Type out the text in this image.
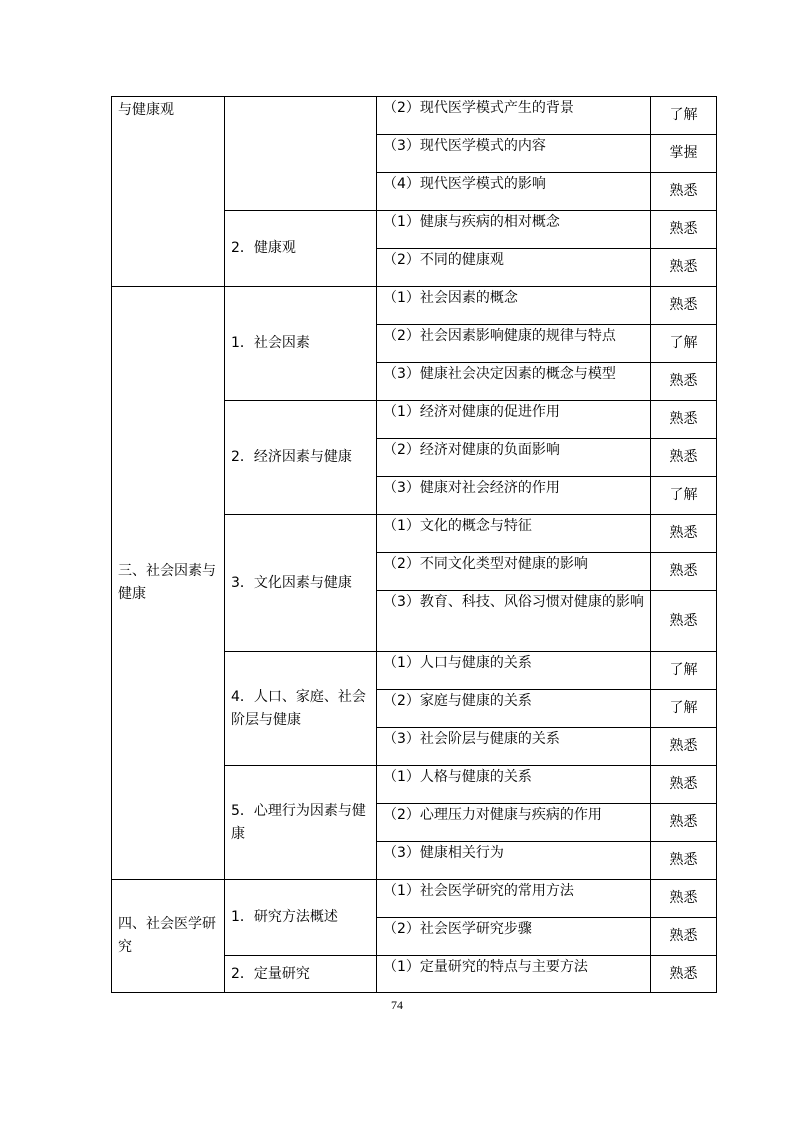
与健康观		（2）现代医学模式产生的背景	了解
		（3）现代医学模式的内容	掌握
		（4）现代医学模式的影响	熟悉
	2．健康观	（1）健康与疾病的相对概念	熟悉
		（2）不同的健康观	熟悉
三、社会因素与健康	1．社会因素	（1）社会因素的概念	熟悉
		（2）社会因素影响健康的规律与特点	了解
		（3）健康社会决定因素的概念与模型	熟悉
	2．经济因素与健康	（1）经济对健康的促进作用	熟悉
		（2）经济对健康的负面影响	熟悉
		（3）健康对社会经济的作用	了解
	3．文化因素与健康	（1）文化的概念与特征	熟悉
		（2）不同文化类型对健康的影响	熟悉
		（3）教育、科技、风俗习惯对健康的影响	熟悉
	4．人口、家庭、社会阶层与健康	（1）人口与健康的关系	了解
		（2）家庭与健康的关系	了解
		（3）社会阶层与健康的关系	熟悉
	5．心理行为因素与健康	（1）人格与健康的关系	熟悉
		（2）心理压力对健康与疾病的作用	熟悉
		（3）健康相关行为	熟悉
四、社会医学研究	1．研究方法概述	（1）社会医学研究的常用方法	熟悉
		（2）社会医学研究步骤	熟悉
	2．定量研究	（1）定量研究的特点与主要方法	熟悉
74
